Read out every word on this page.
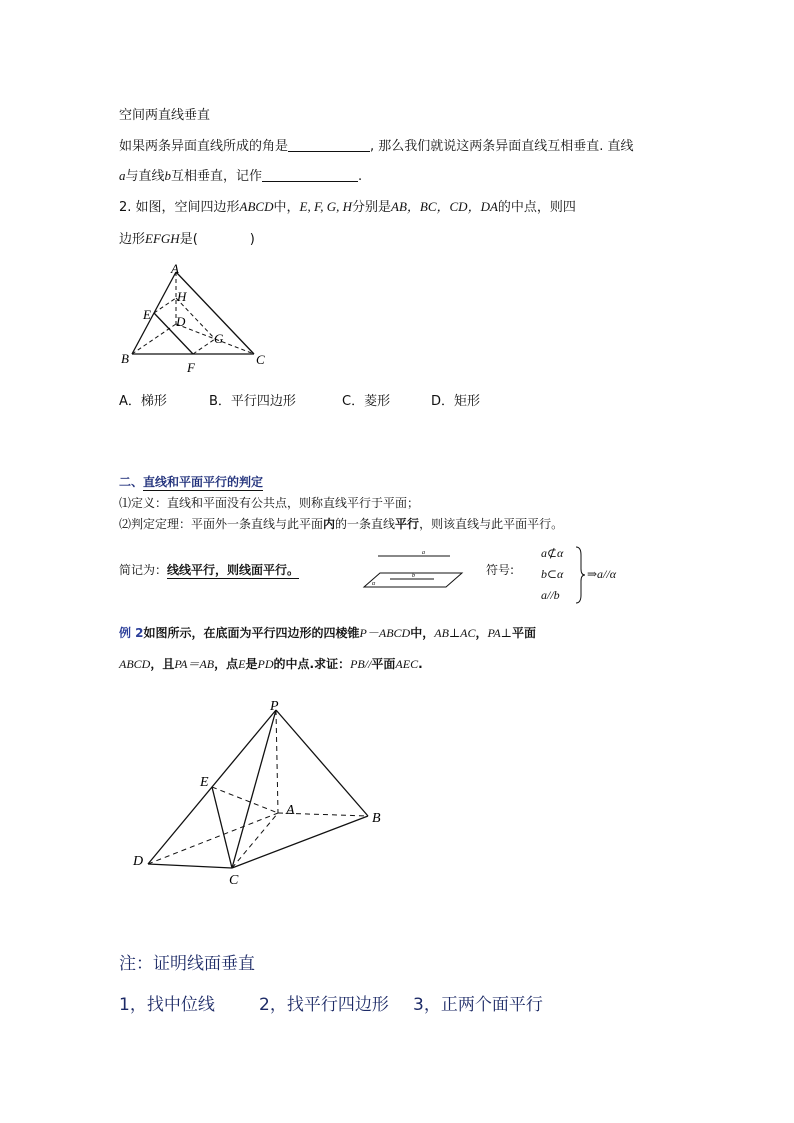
空间两直线垂直
如果两条异面直线所成的角是	, 那么我们就说这两条异面直线互相垂直. 直线
a与直线b互相垂直，记作	.
2. 如图，空间四边形ABCD中，E, F, G, H分别是AB，BC，CD，DA的中点，则四
边形EFGH是(	)
A
B	C
D
E
F
G
H
A．梯形	B．平行四边形	C．菱形	D．矩形
二、直线和平面平行的判定
⑴定义：直线和平面没有公共点，则称直线平行于平面；
⑵判定定理：平面外一条直线与此平面内的一条直线平行，则该直线与此平面平行。
简记为：线线平行，则线面平行。
a
b
α
符号:
a⊄α
b⊂α
a//b
⇒a//α
例 2如图所示，在底面为平行四边形的四棱锥P－ABCD中，AB⊥AC，PA⊥平面
ABCD，且PA＝AB，点E是PD的中点.求证：PB//平面AEC.
P
E
A
B
D
C
注：证明线面垂直
1，找中位线	2，找平行四边形 3，正两个面平行
